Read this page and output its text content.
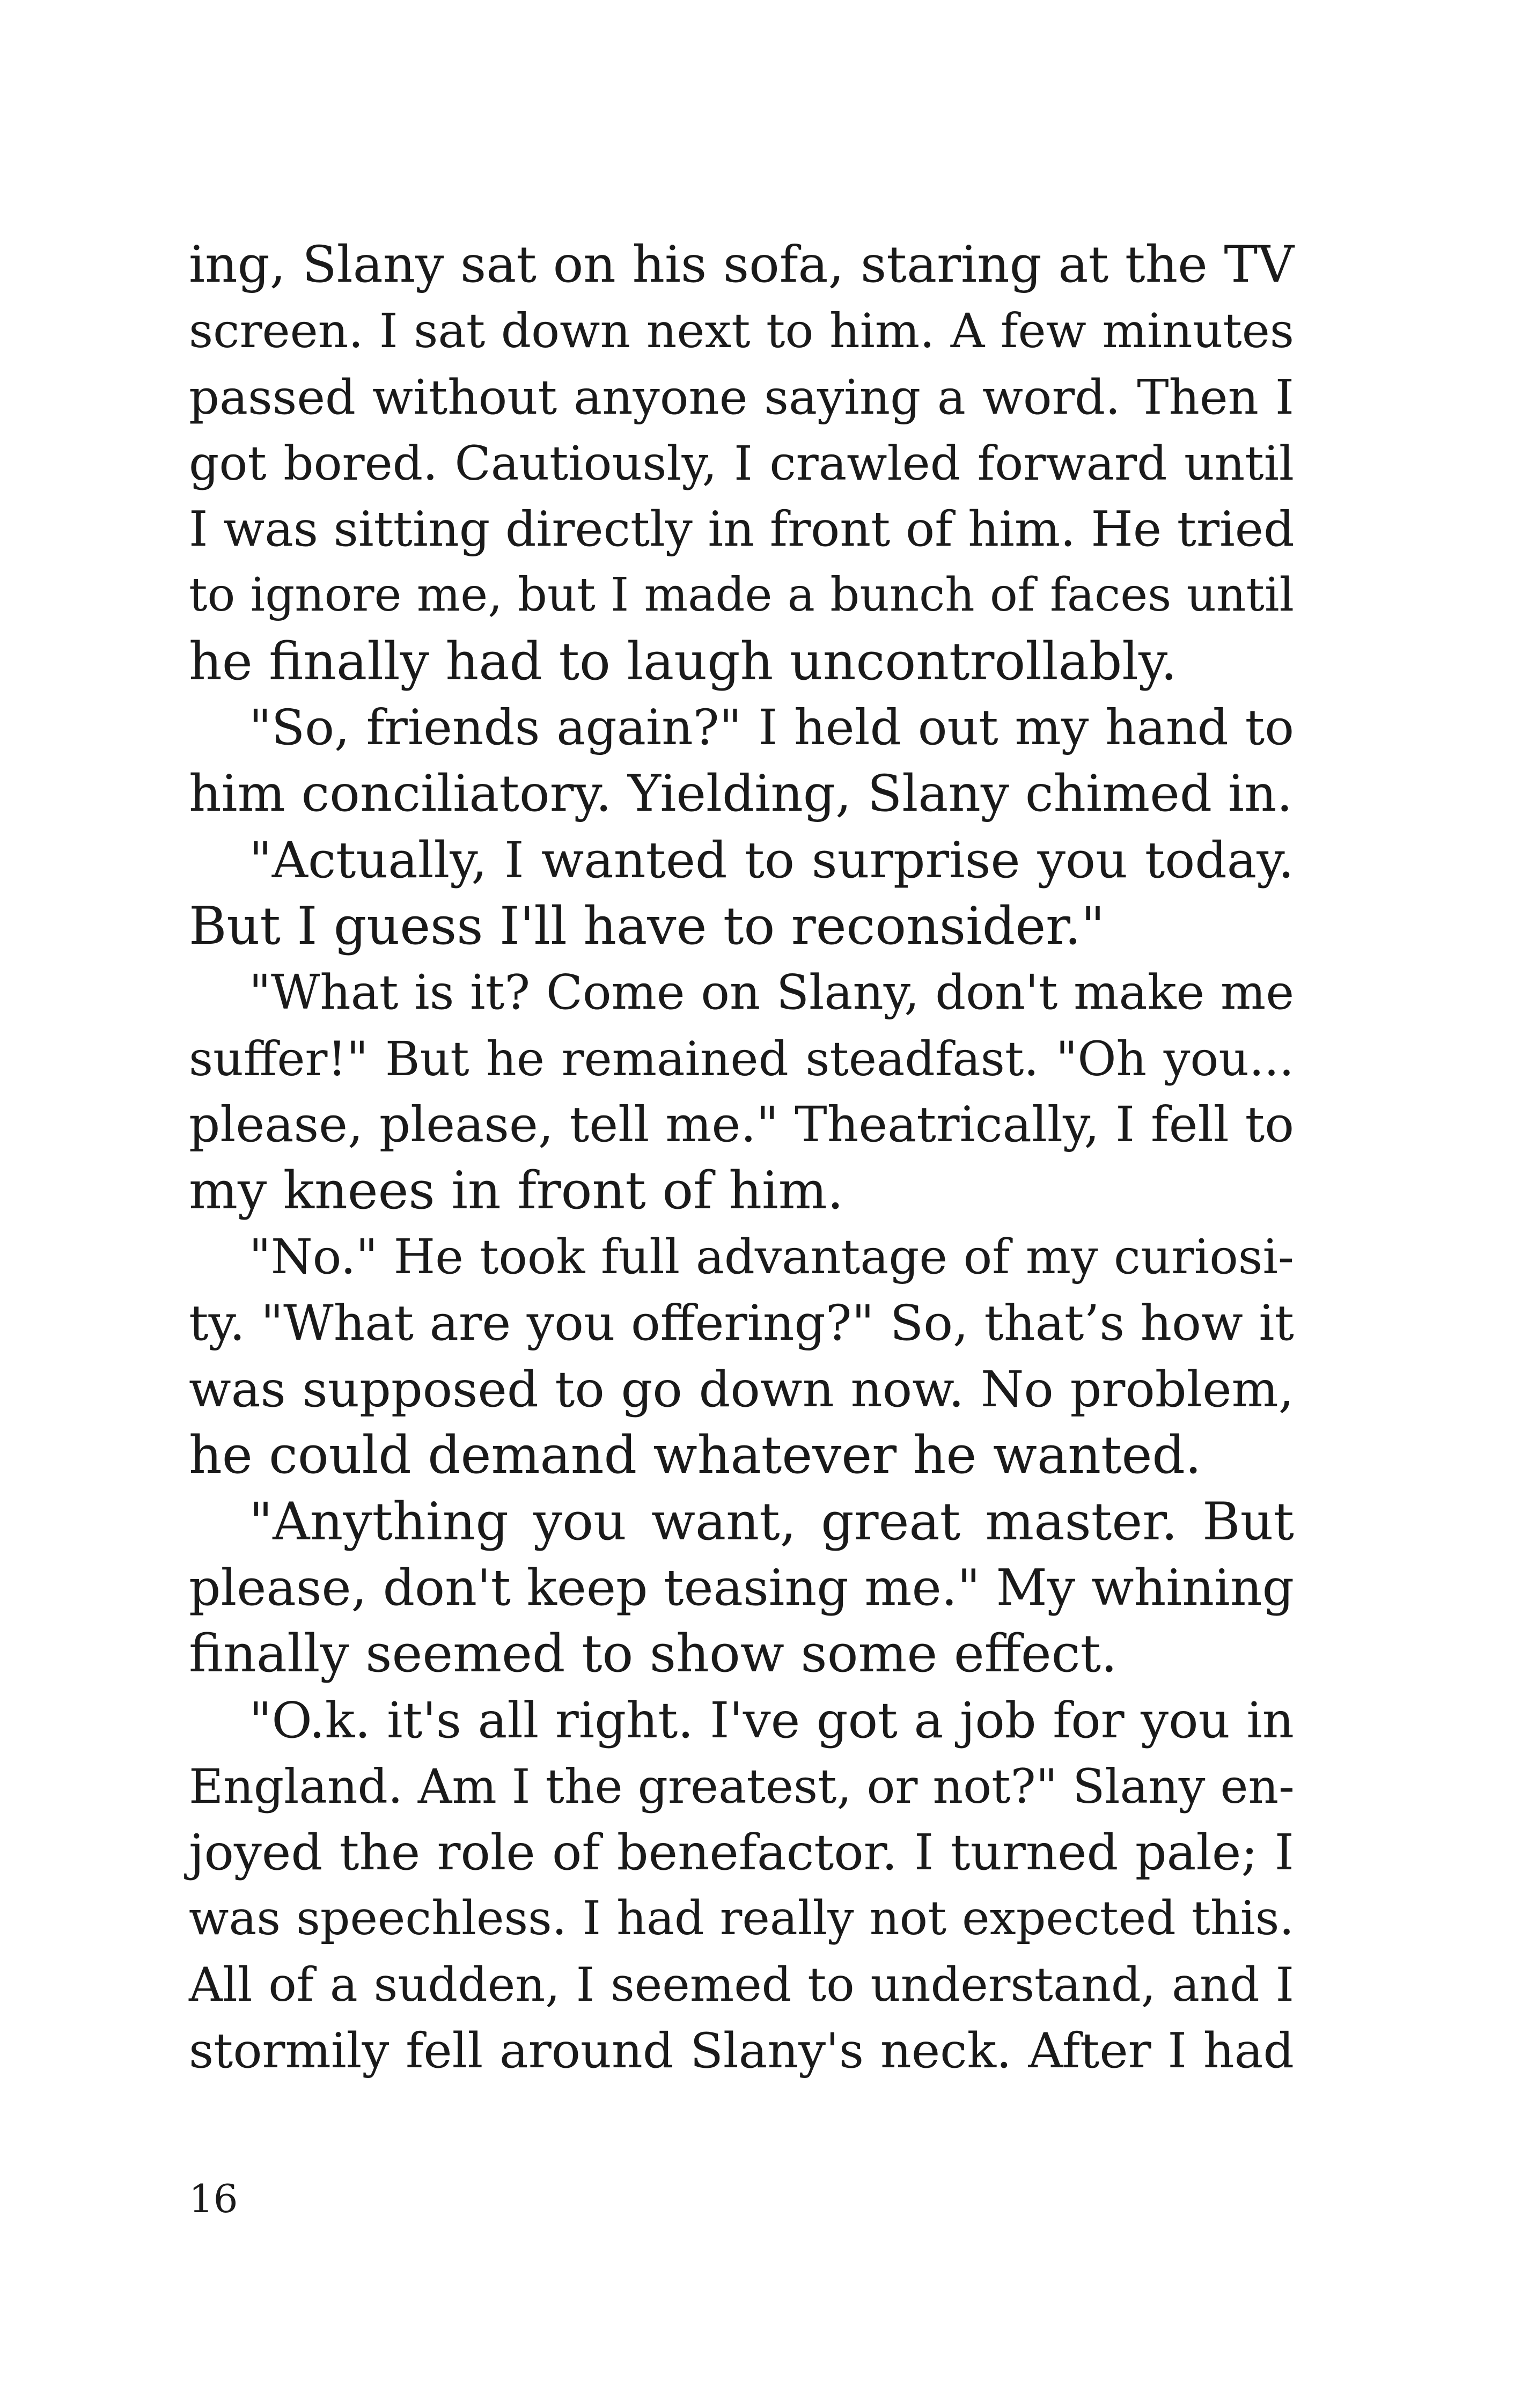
ing, Slany sat on his sofa, staring at the TV
screen. I sat down next to him. A few minutes
passed without anyone saying a word. Then I
got bored. Cautiously, I crawled forward until
I was sitting directly in front of him. He tried
to ignore me, but I made a bunch of faces until
he finally had to laugh uncontrollably.
"So, friends again?" I held out my hand to
him conciliatory. Yielding, Slany chimed in.
"Actually, I wanted to surprise you today.
But I guess I'll have to reconsider."
"What is it? Come on Slany, don't make me
suffer!" But he remained steadfast. "Oh you...
please, please, tell me." Theatrically, I fell to
my knees in front of him.
"No." He took full advantage of my curiosi-
ty. "What are you offering?" So, that’s how it
was supposed to go down now. No problem,
he could demand whatever he wanted.
"Anything you want, great master. But
please, don't keep teasing me." My whining
finally seemed to show some effect.
"O.k. it's all right. I've got a job for you in
England. Am I the greatest, or not?" Slany en-
joyed the role of benefactor. I turned pale; I
was speechless. I had really not expected this.
All of a sudden, I seemed to understand, and I
stormily fell around Slany's neck. After I had
16
